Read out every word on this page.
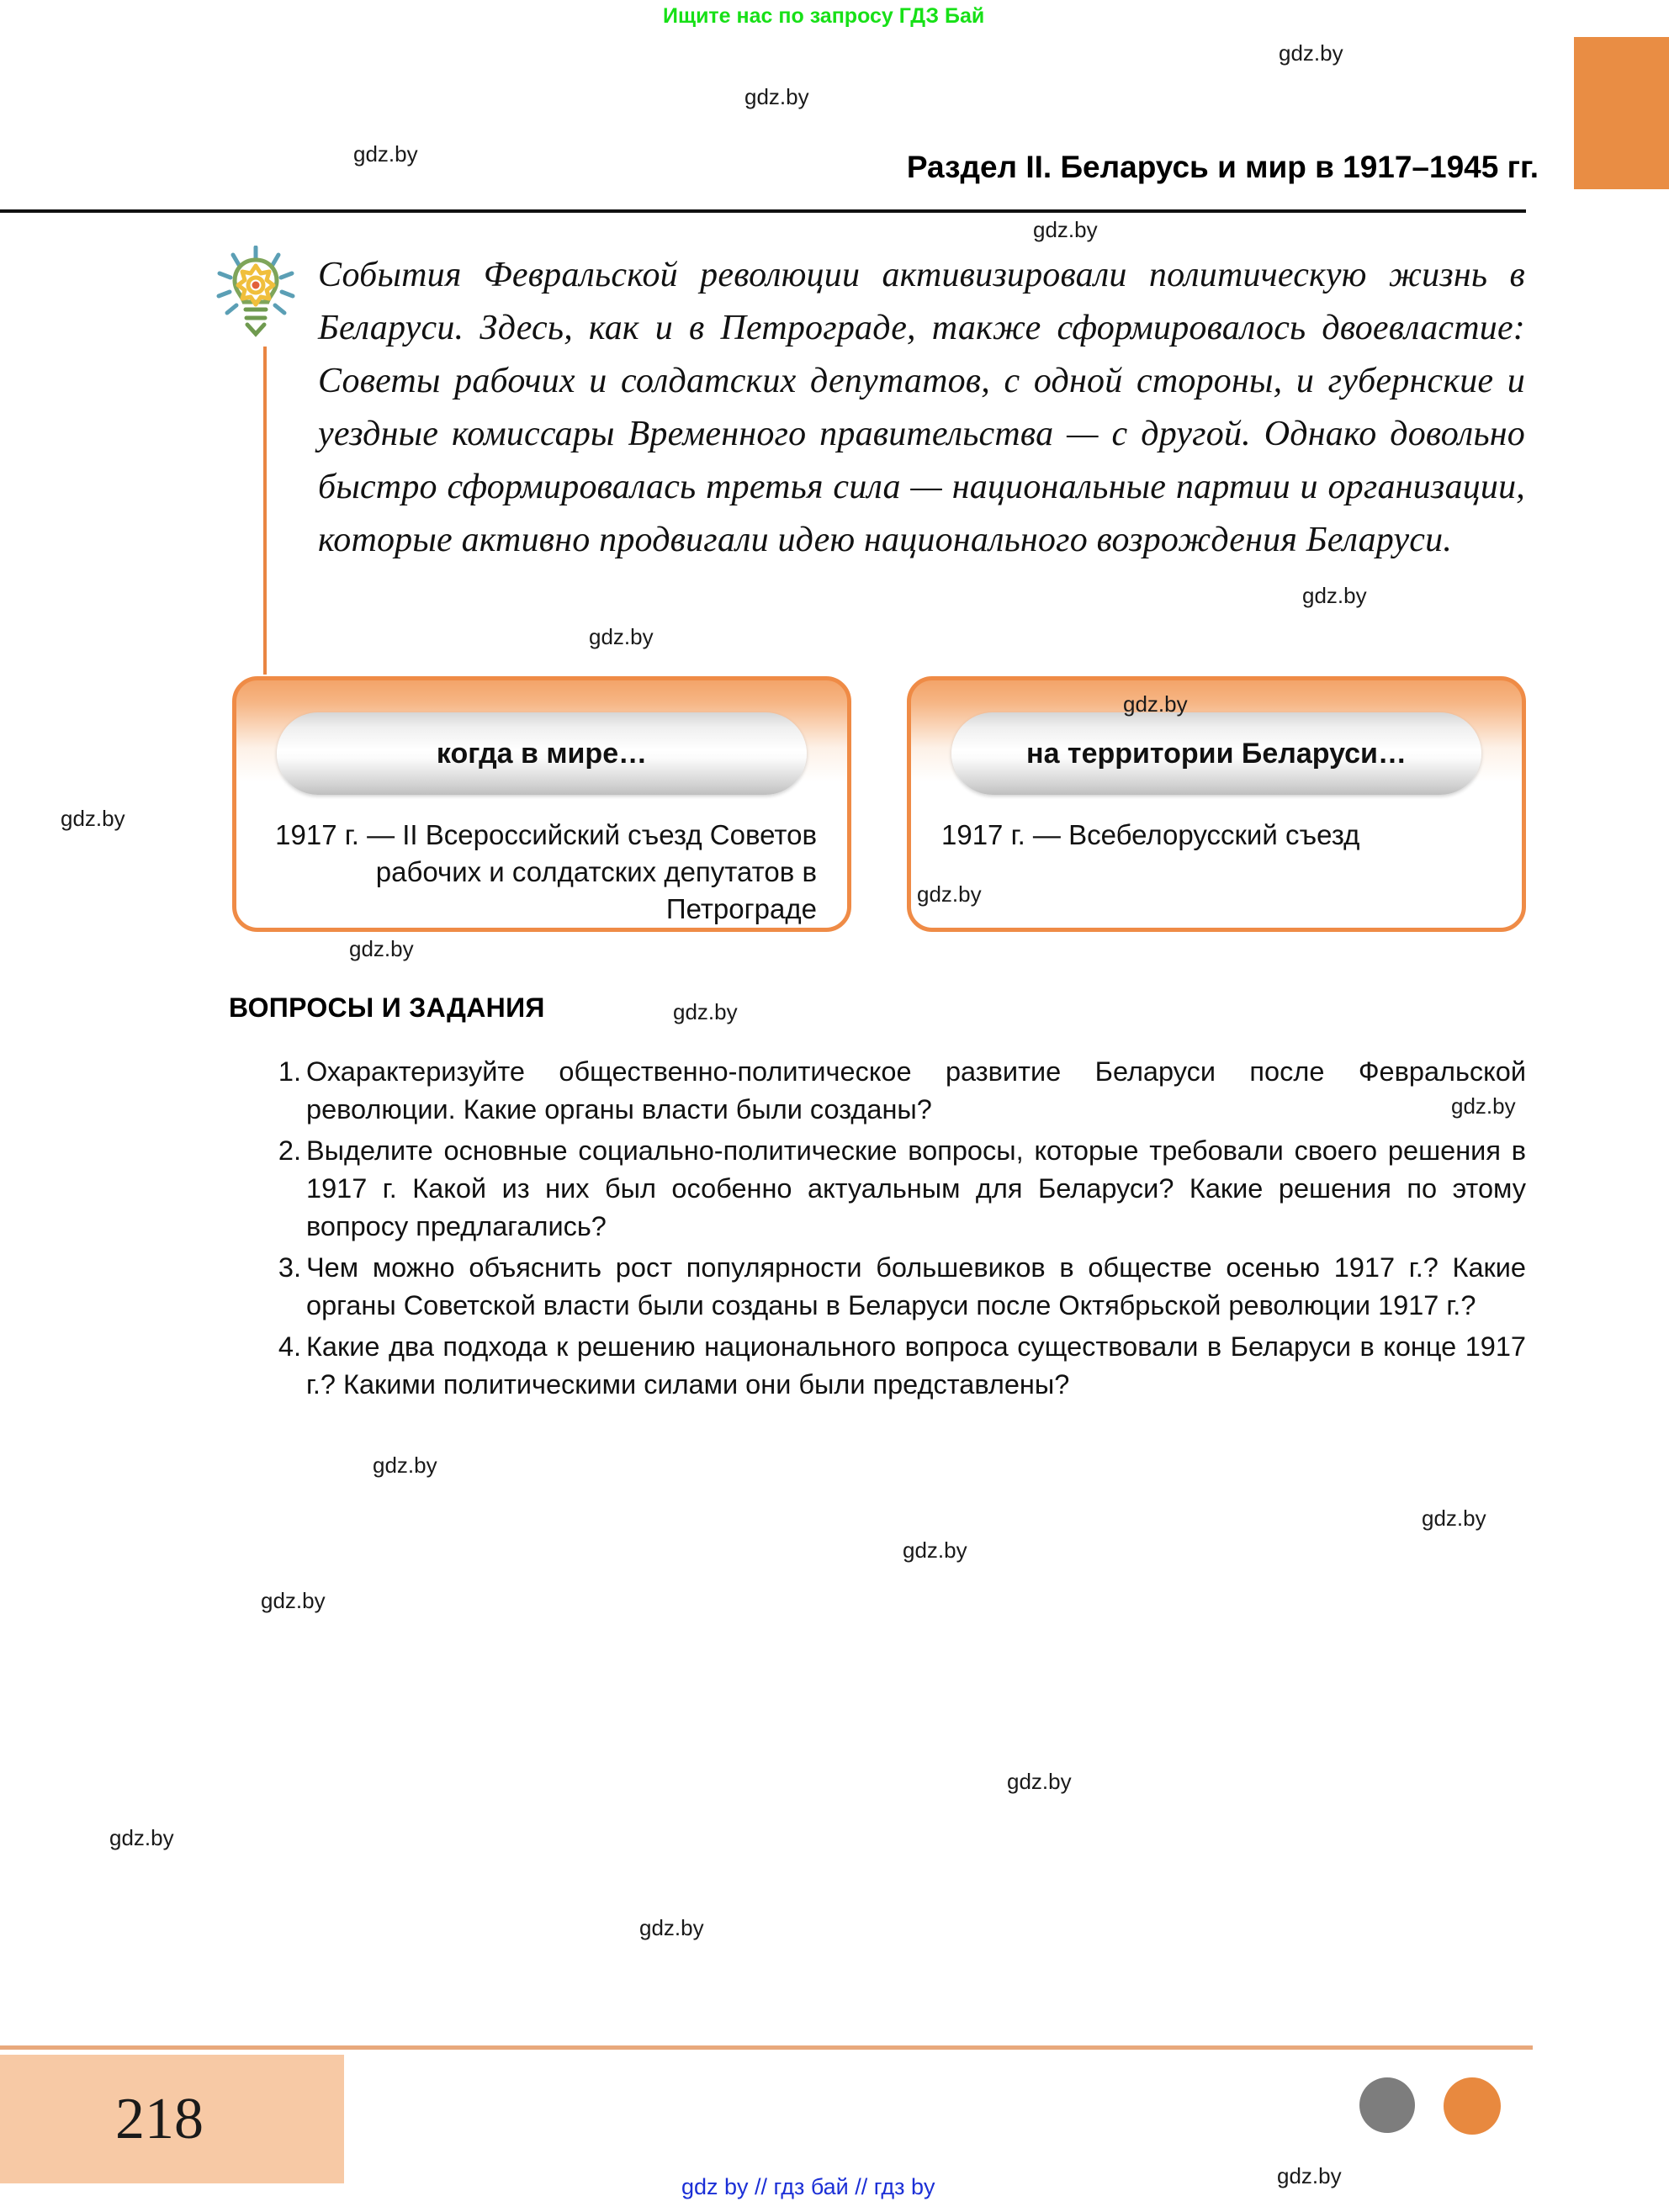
Ищите нас по запросу ГДЗ Бай
Раздел II. Беларусь и мир в 1917–1945 гг.
События Февральской революции активизировали политическую жизнь в Беларуси. Здесь, как и в Петрограде, также сформировалось двоевластие: Советы рабочих и солдатских депутатов, с одной стороны, и губернские и уездные комиссары Временного правительства — с другой. Однако довольно быстро сформировалась третья сила — национальные партии и организации, которые активно продвигали идею национального возрождения Беларуси.
когда в мире…
1917 г. — II Всероссийский съезд Советов рабочих и солдатских депутатов в Петрограде
на территории Беларуси…
1917 г. — Всебелорусский съезд
ВОПРОСЫ И ЗАДАНИЯ
1. Охарактеризуйте общественно-политическое развитие Беларуси после Февральской революции. Какие органы власти были созданы?
2. Выделите основные социально-политические вопросы, которые требовали своего решения в 1917 г. Какой из них был особенно актуальным для Беларуси? Какие решения по этому вопросу предлагались?
3. Чем можно объяснить рост популярности большевиков в обществе осенью 1917 г.? Какие органы Советской власти были созданы в Беларуси после Октябрьской революции 1917 г.?
4. Какие два подхода к решению национального вопроса существовали в Беларуси в конце 1917 г.? Какими политическими силами они были представлены?
218
gdz by // гдз бай // гдз by
gdz.by
gdz.by
gdz.by
gdz.by
gdz.by
gdz.by
gdz.by
gdz.by
gdz.by
gdz.by
gdz.by
gdz.by
gdz.by
gdz.by
gdz.by
gdz.by
gdz.by
gdz.by
gdz.by
gdz.by
